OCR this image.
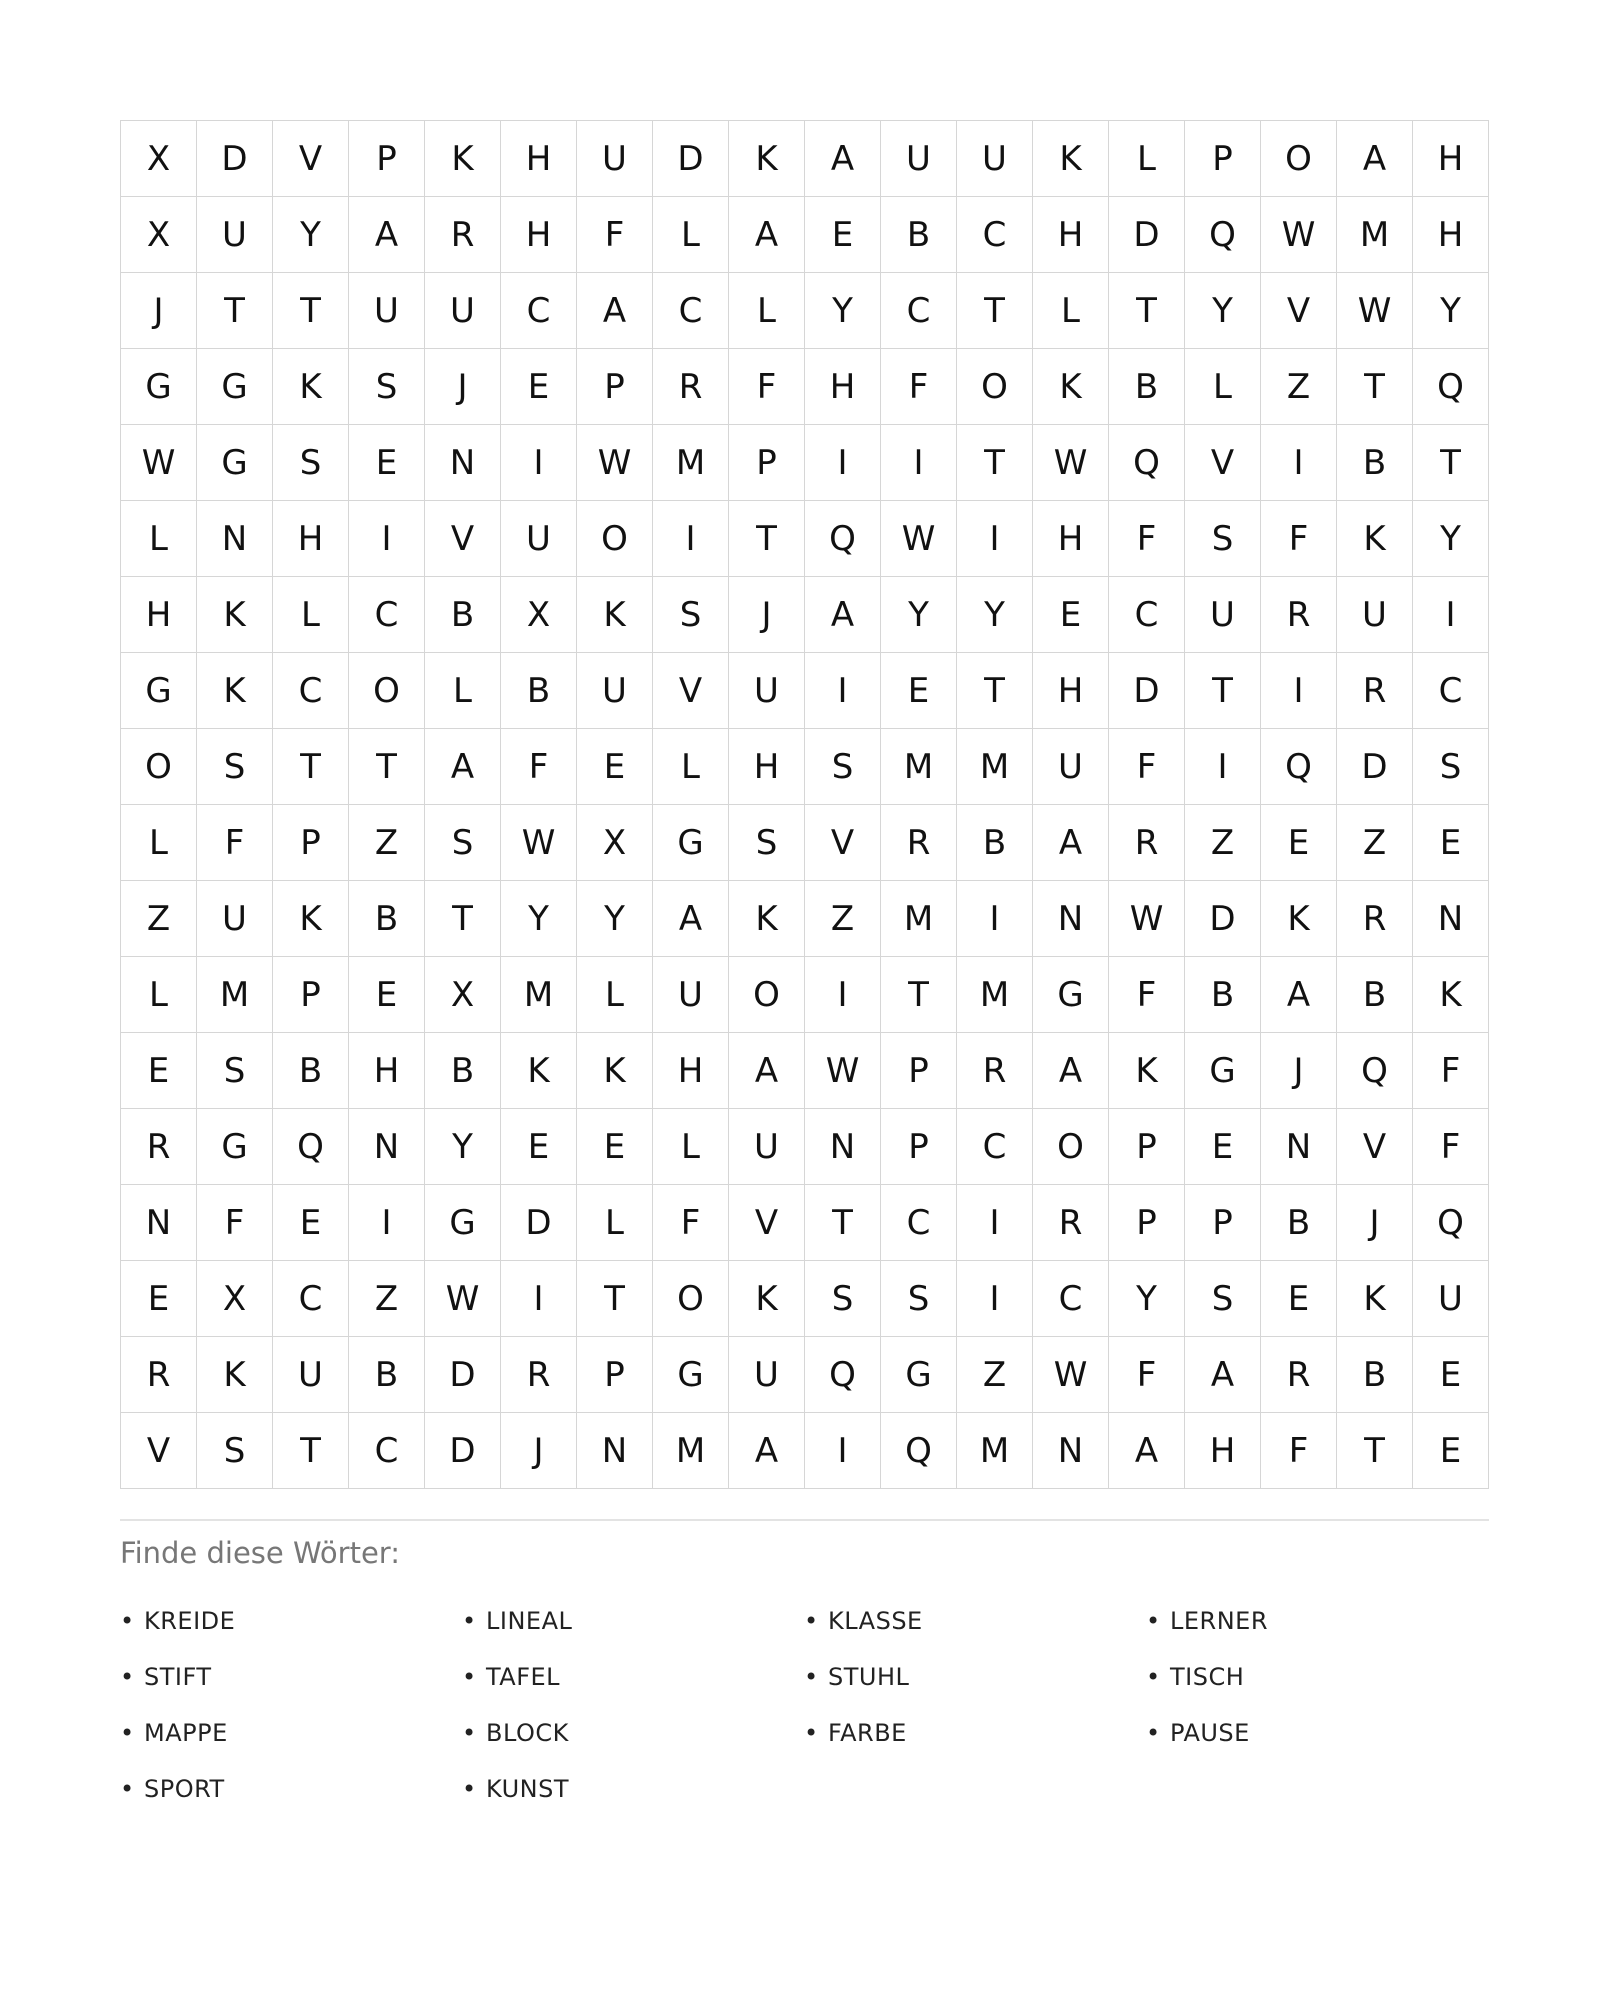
X	D	V	P	K	H	U	D	K	A	U	U	K	L	P	O	A	H
X	U	Y	A	R	H	F	L	A	E	B	C	H	D	Q	W	M	H
J	T	T	U	U	C	A	C	L	Y	C	T	L	T	Y	V	W	Y
G	G	K	S	J	E	P	R	F	H	F	O	K	B	L	Z	T	Q
W	G	S	E	N	I	W	M	P	I	I	T	W	Q	V	I	B	T
L	N	H	I	V	U	O	I	T	Q	W	I	H	F	S	F	K	Y
H	K	L	C	B	X	K	S	J	A	Y	Y	E	C	U	R	U	I
G	K	C	O	L	B	U	V	U	I	E	T	H	D	T	I	R	C
O	S	T	T	A	F	E	L	H	S	M	M	U	F	I	Q	D	S
L	F	P	Z	S	W	X	G	S	V	R	B	A	R	Z	E	Z	E
Z	U	K	B	T	Y	Y	A	K	Z	M	I	N	W	D	K	R	N
L	M	P	E	X	M	L	U	O	I	T	M	G	F	B	A	B	K
E	S	B	H	B	K	K	H	A	W	P	R	A	K	G	J	Q	F
R	G	Q	N	Y	E	E	L	U	N	P	C	O	P	E	N	V	F
N	F	E	I	G	D	L	F	V	T	C	I	R	P	P	B	J	Q
E	X	C	Z	W	I	T	O	K	S	S	I	C	Y	S	E	K	U
R	K	U	B	D	R	P	G	U	Q	G	Z	W	F	A	R	B	E
V	S	T	C	D	J	N	M	A	I	Q	M	N	A	H	F	T	E
Finde diese Wörter:
• KREIDE	• LINEAL	• KLASSE	• LERNER
• STIFT	• TAFEL	• STUHL	• TISCH
• MAPPE	• BLOCK	• FARBE	• PAUSE
• SPORT	• KUNST
